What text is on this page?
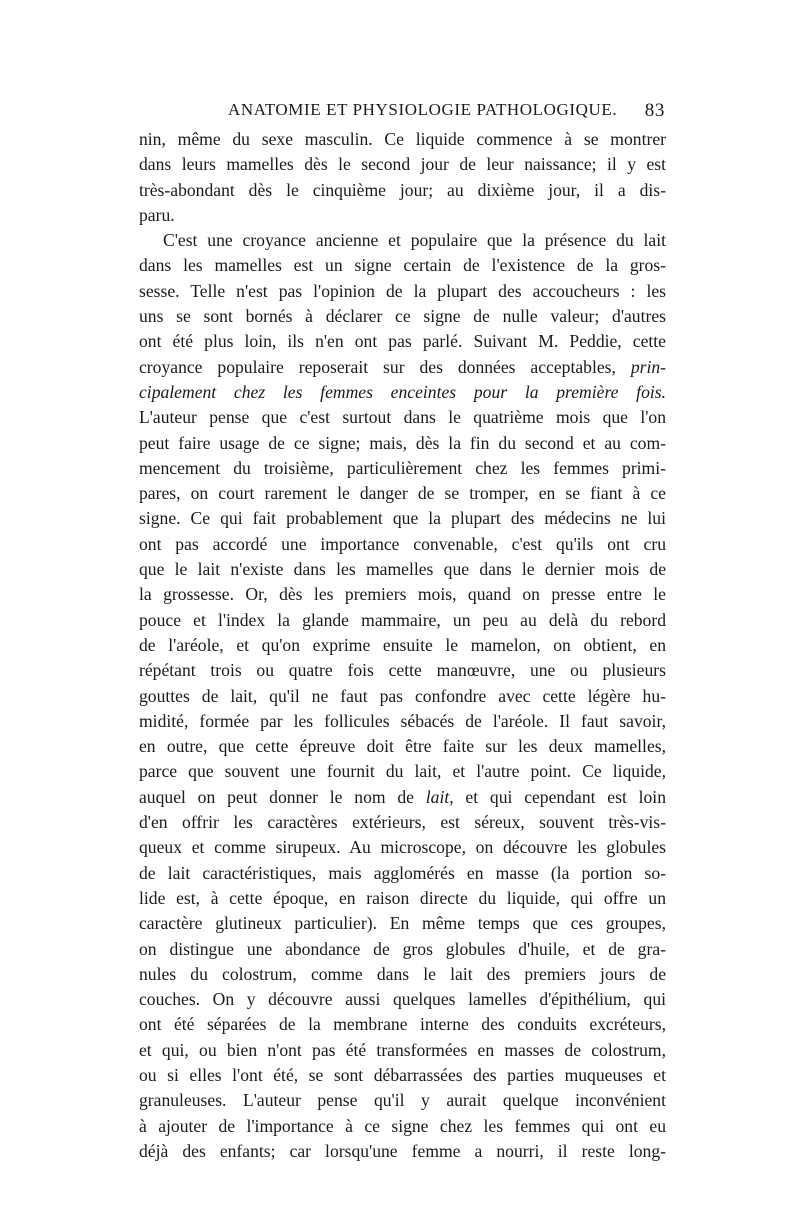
ANATOMIE ET PHYSIOLOGIE PATHOLOGIQUE. 83
nin, même du sexe masculin. Ce liquide commence à se montrer
dans leurs mamelles dès le second jour de leur naissance; il y est
très-abondant dès le cinquième jour; au dixième jour, il a dis-
paru.
C'est une croyance ancienne et populaire que la présence du lait
dans les mamelles est un signe certain de l'existence de la gros-
sesse. Telle n'est pas l'opinion de la plupart des accoucheurs : les
uns se sont bornés à déclarer ce signe de nulle valeur; d'autres
ont été plus loin, ils n'en ont pas parlé. Suivant M. Peddie, cette
croyance populaire reposerait sur des données acceptables, prin-
cipalement chez les femmes enceintes pour la première fois.
L'auteur pense que c'est surtout dans le quatrième mois que l'on
peut faire usage de ce signe; mais, dès la fin du second et au com-
mencement du troisième, particulièrement chez les femmes primi-
pares, on court rarement le danger de se tromper, en se fiant à ce
signe. Ce qui fait probablement que la plupart des médecins ne lui
ont pas accordé une importance convenable, c'est qu'ils ont cru
que le lait n'existe dans les mamelles que dans le dernier mois de
la grossesse. Or, dès les premiers mois, quand on presse entre le
pouce et l'index la glande mammaire, un peu au delà du rebord
de l'aréole, et qu'on exprime ensuite le mamelon, on obtient, en
répétant trois ou quatre fois cette manœuvre, une ou plusieurs
gouttes de lait, qu'il ne faut pas confondre avec cette légère hu-
midité, formée par les follicules sébacés de l'aréole. Il faut savoir,
en outre, que cette épreuve doit être faite sur les deux mamelles,
parce que souvent une fournit du lait, et l'autre point. Ce liquide,
auquel on peut donner le nom de lait, et qui cependant est loin
d'en offrir les caractères extérieurs, est séreux, souvent très-vis-
queux et comme sirupeux. Au microscope, on découvre les globules
de lait caractéristiques, mais agglomérés en masse (la portion so-
lide est, à cette époque, en raison directe du liquide, qui offre un
caractère glutineux particulier). En même temps que ces groupes,
on distingue une abondance de gros globules d'huile, et de gra-
nules du colostrum, comme dans le lait des premiers jours de
couches. On y découvre aussi quelques lamelles d'épithélium, qui
ont été séparées de la membrane interne des conduits excréteurs,
et qui, ou bien n'ont pas été transformées en masses de colostrum,
ou si elles l'ont été, se sont débarrassées des parties muqueuses et
granuleuses. L'auteur pense qu'il y aurait quelque inconvénient
à ajouter de l'importance à ce signe chez les femmes qui ont eu
déjà des enfants; car lorsqu'une femme a nourri, il reste long-
